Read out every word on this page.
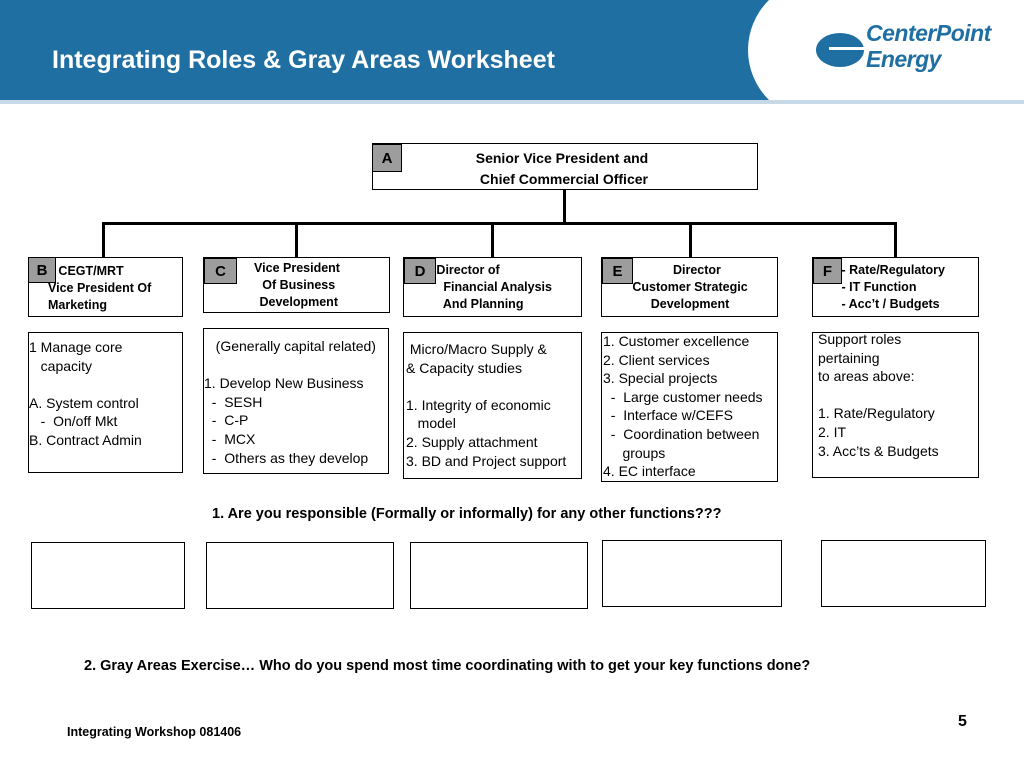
Integrating Roles & Gray Areas Worksheet
CenterPoint
Energy
A	Senior Vice President and
Chief Commercial Officer
B CEGT/MRT
Vice President Of
Marketing
1 Manage core
capacity

A. System control
-  On/off Mkt
B. Contract Admin
C	Vice President
Of Business
Development
(Generally capital related)

1. Develop New Business
-  SESH
-  C-P
-  MCX
-  Others as they develop
D Director of
Financial Analysis
And Planning
Micro/Macro Supply &
& Capacity studies

1. Integrity of economic
model
2. Supply attachment
3. BD and Project support
E	Director
Customer Strategic
Development
1. Customer excellence
2. Client services
3. Special projects
-  Large customer needs
-  Interface w/CEFS
-  Coordination between
groups
4. EC interface
F - Rate/Regulatory
- IT Function
- Acc’t / Budgets
Support roles
pertaining
to areas above:

1. Rate/Regulatory
2. IT
3. Acc’ts & Budgets
1. Are you responsible (Formally or informally) for any other functions???
2. Gray Areas Exercise… Who do you spend most time coordinating with to get your key functions done?
Integrating Workshop 081406
5
